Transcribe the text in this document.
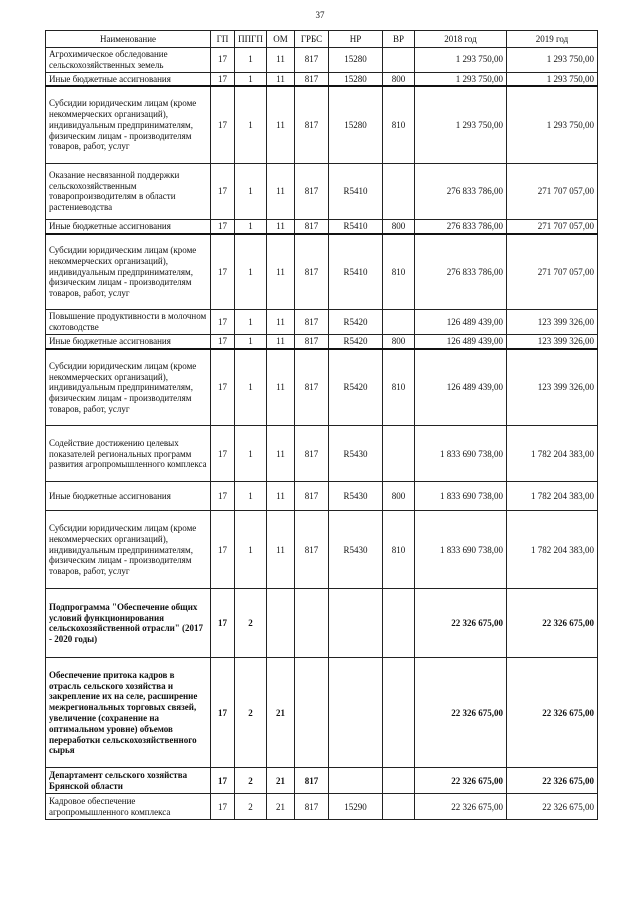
37
Наименование	ГП	ППГП	ОМ	ГРБС	НР	ВР	2018 год	2019 год
Агрохимическое обследование сельскохозяйственных земель	17	1	11	817	15280		1 293 750,00	1 293 750,00
Иные бюджетные ассигнования	17	1	11	817	15280	800	1 293 750,00	1 293 750,00
Субсидии юридическим лицам (кроме некоммерческих организаций), индивидуальным предпринимателям, физическим лицам - производителям товаров, работ, услуг	17	1	11	817	15280	810	1 293 750,00	1 293 750,00
Оказание несвязанной поддержки сельскохозяйственным товаропроизводителям в области растениеводства	17	1	11	817	R5410		276 833 786,00	271 707 057,00
Иные бюджетные ассигнования	17	1	11	817	R5410	800	276 833 786,00	271 707 057,00
Субсидии юридическим лицам (кроме некоммерческих организаций), индивидуальным предпринимателям, физическим лицам - производителям товаров, работ, услуг	17	1	11	817	R5410	810	276 833 786,00	271 707 057,00
Повышение продуктивности в молочном скотоводстве	17	1	11	817	R5420		126 489 439,00	123 399 326,00
Иные бюджетные ассигнования	17	1	11	817	R5420	800	126 489 439,00	123 399 326,00
Субсидии юридическим лицам (кроме некоммерческих организаций), индивидуальным предпринимателям, физическим лицам - производителям товаров, работ, услуг	17	1	11	817	R5420	810	126 489 439,00	123 399 326,00
Содействие достижению целевых показателей региональных программ развития агропромышленного комплекса	17	1	11	817	R5430		1 833 690 738,00	1 782 204 383,00
Иные бюджетные ассигнования	17	1	11	817	R5430	800	1 833 690 738,00	1 782 204 383,00
Субсидии юридическим лицам (кроме некоммерческих организаций), индивидуальным предпринимателям, физическим лицам - производителям товаров, работ, услуг	17	1	11	817	R5430	810	1 833 690 738,00	1 782 204 383,00
Подпрограмма "Обеспечение общих условий функционирования сельскохозяйственной отрасли" (2017 - 2020 годы)	17	2					22 326 675,00	22 326 675,00
Обеспечение притока кадров в отрасль сельского хозяйства и закрепление их на селе, расширение межрегиональных торговых связей, увеличение (сохранение на оптимальном уровне) объемов переработки сельскохозяйственного сырья	17	2	21				22 326 675,00	22 326 675,00
Департамент сельского хозяйства Брянской области	17	2	21	817			22 326 675,00	22 326 675,00
Кадровое обеспечение агропромышленного комплекса	17	2	21	817	15290		22 326 675,00	22 326 675,00
